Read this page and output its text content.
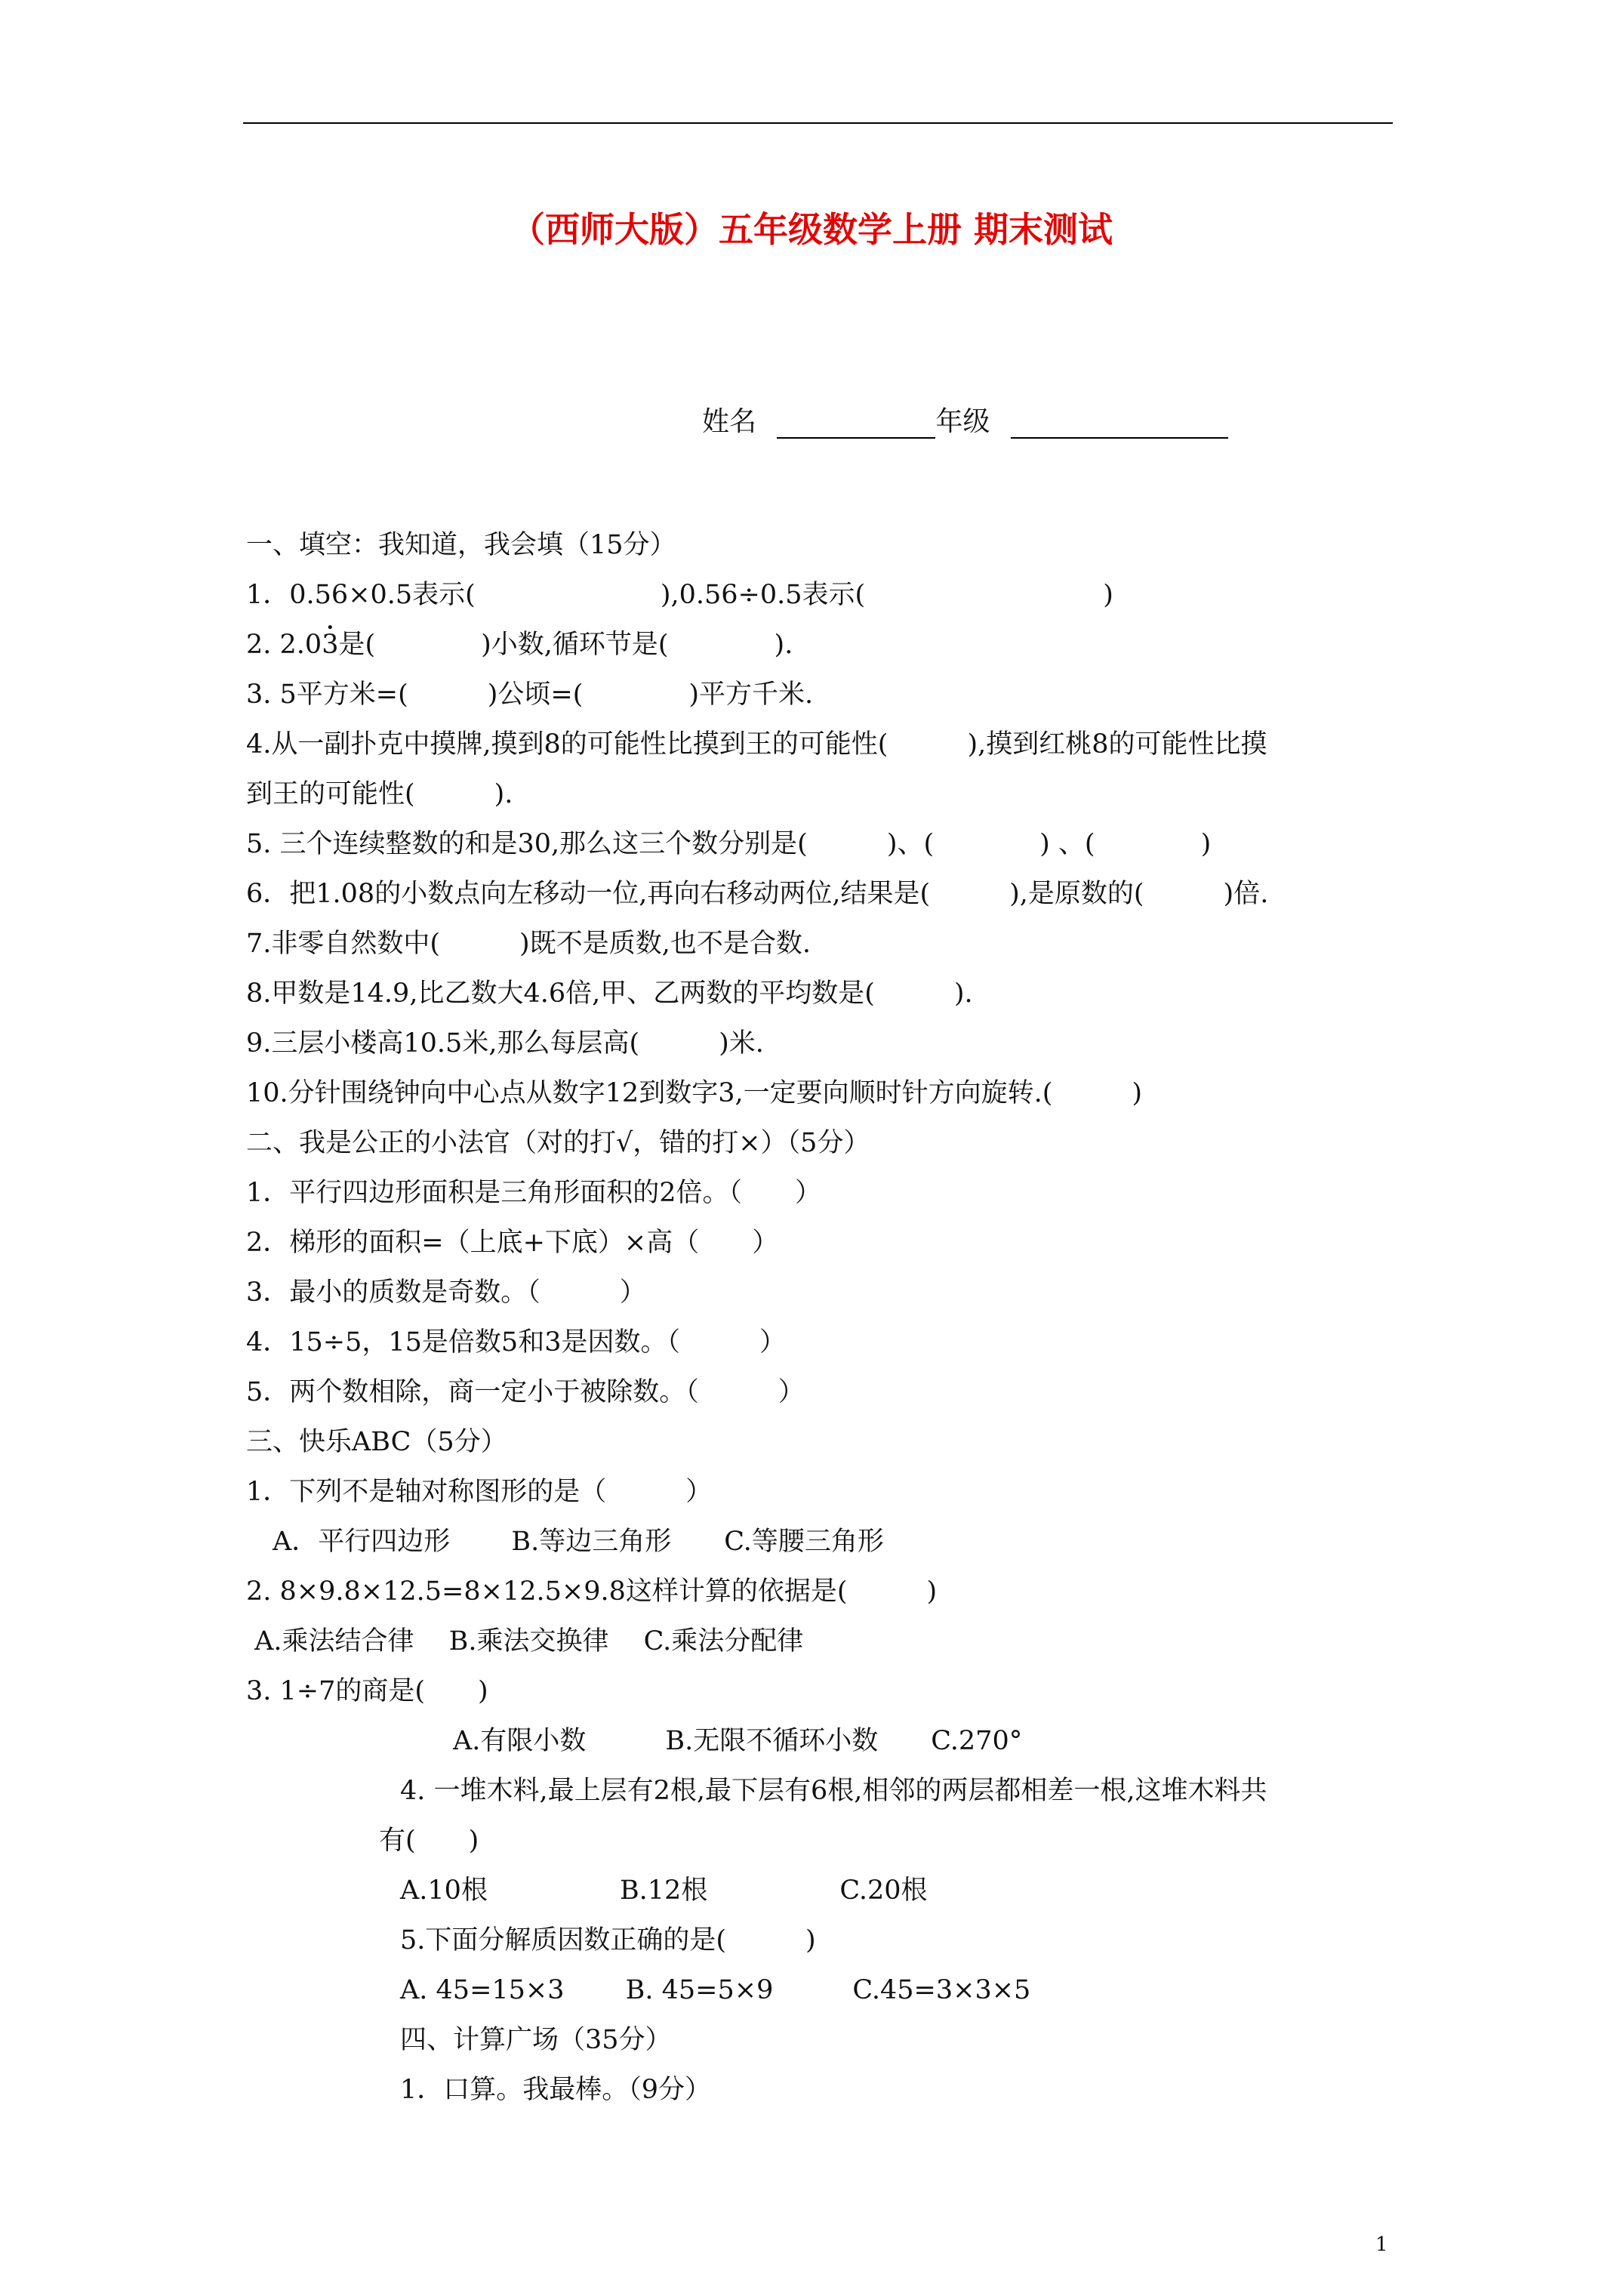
（西师大版）五年级数学上册 期末测试
姓名	年级
一、填空：我知道，我会填（15分）
1．0.56×0.5表示(　　　　　　　),0.56÷0.5表示(　　　　　　　　　)
2. 2.0• 3是(　　　　)小数,循环节是(　　　　).
3. 5平方米=(　　　)公顷=(　　　　)平方千米.
4.从一副扑克中摸牌,摸到8的可能性比摸到王的可能性(　　　),摸到红桃8的可能性比摸
到王的可能性(　　　).
5. 三个连续整数的和是30,那么这三个数分别是(　　　)、(　　　　) 、(　　　　)
6．把1.08的小数点向左移动一位,再向右移动两位,结果是(　　　),是原数的(　　　)倍.
7.非零自然数中(　　　)既不是质数,也不是合数.
8.甲数是14.9,比乙数大4.6倍,甲、乙两数的平均数是(　　　).
9.三层小楼高10.5米,那么每层高(　　　)米.
10.分针围绕钟向中心点从数字12到数字3,一定要向顺时针方向旋转.(　　　)
二、我是公正的小法官（对的打√，错的打×）（5分）
1．平行四边形面积是三角形面积的2倍。（　　）
2．梯形的面积=（上底+下底）×高（　　）
3．最小的质数是奇数。（　　　）
4．15÷5，15是倍数5和3是因数。（　　　）
5．两个数相除，商一定小于被除数。（　　　）
三、快乐ABC（5分）
1．下列不是轴对称图形的是（　　　）
　A．平行四边形　　 B.等边三角形　　C.等腰三角形
2. 8×9.8×12.5=8×12.5×9.8这样计算的依据是(　　　)
A.乘法结合律　 B.乘法交换律　 C.乘法分配律
3. 1÷7的商是(　　)
A.有限小数　　　B.无限不循环小数　　C.270°
4. 一堆木料,最上层有2根,最下层有6根,相邻的两层都相差一根,这堆木料共
有(　　)
A.10根　　　　　B.12根　　　　　C.20根
5.下面分解质因数正确的是(　　　)
A. 45=15×3　　 B. 45=5×9　　　C.45=3×3×5
四、计算广场（35分）
1．口算。我最棒。（9分）
1
